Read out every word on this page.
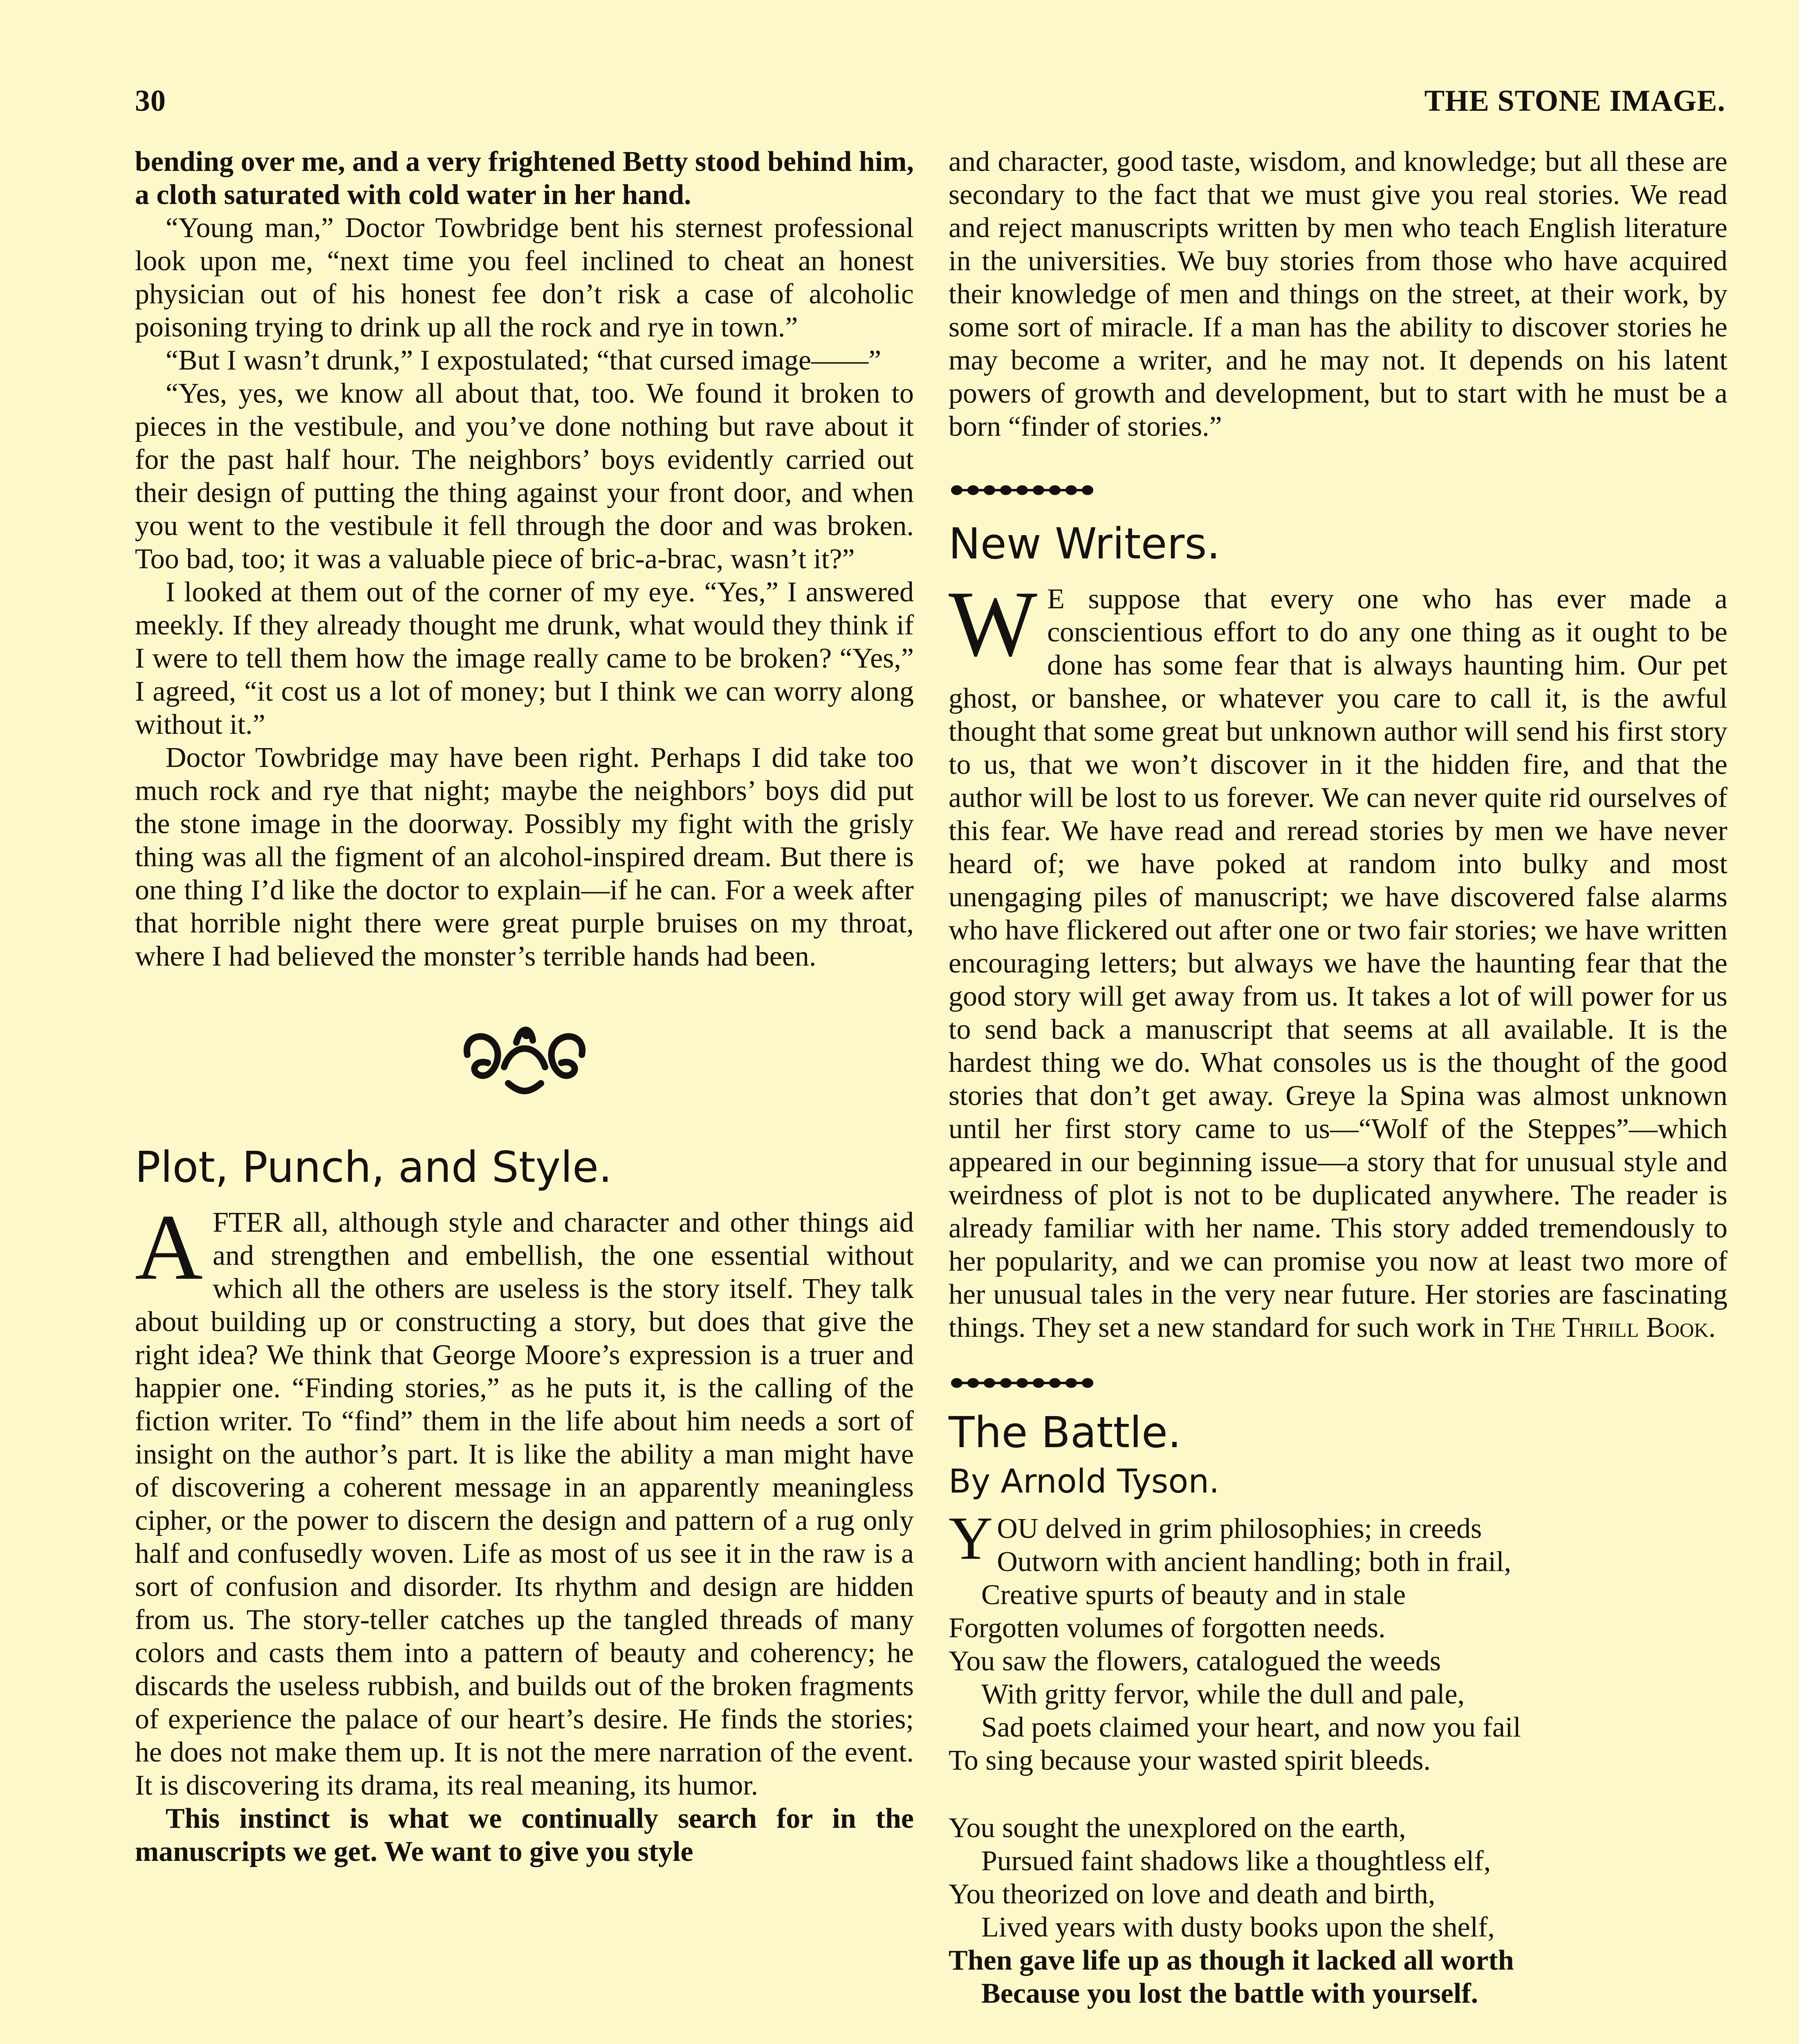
30	THE STONE IMAGE.

bending over me, and a very frightened Betty stood behind him, a cloth saturated with cold water in her hand.

“Young man,” Doctor Towbridge bent his sternest professional look upon me, “next time you feel inclined to cheat an honest physician out of his honest fee don’t risk a case of alcoholic poisoning trying to drink up all the rock and rye in town.”

“But I wasn’t drunk,” I expostulated; “that cursed image——”

“Yes, yes, we know all about that, too. We found it broken to pieces in the vestibule, and you’ve done nothing but rave about it for the past half hour. The neighbors’ boys evidently carried out their design of putting the thing against your front door, and when you went to the vestibule it fell through the door and was broken. Too bad, too; it was a valuable piece of bric-a-brac, wasn’t it?”

I looked at them out of the corner of my eye. “Yes,” I answered meekly. If they already thought me drunk, what would they think if I were to tell them how the image really came to be broken? “Yes,” I agreed, “it cost us a lot of money; but I think we can worry along without it.”

Doctor Towbridge may have been right. Perhaps I did take too much rock and rye that night; maybe the neighbors’ boys did put the stone image in the doorway. Possibly my fight with the grisly thing was all the figment of an alcohol-inspired dream. But there is one thing I’d like the doctor to explain—if he can. For a week after that horrible night there were great purple bruises on my throat, where I had believed the monster’s terrible hands had been.

Plot, Punch, and Style.

AFTER all, although style and character and other things aid and strengthen and embellish, the one essential without which all the others are useless is the story itself. They talk about building up or constructing a story, but does that give the right idea? We think that George Moore’s expression is a truer and happier one. “Finding stories,” as he puts it, is the calling of the fiction writer. To “find” them in the life about him needs a sort of insight on the author’s part. It is like the ability a man might have of discovering a coherent message in an apparently meaningless cipher, or the power to discern the design and pattern of a rug only half and confusedly woven. Life as most of us see it in the raw is a sort of confusion and disorder. Its rhythm and design are hidden from us. The story-teller catches up the tangled threads of many colors and casts them into a pattern of beauty and coherency; he discards the useless rubbish, and builds out of the broken fragments of experience the palace of our heart’s desire. He finds the stories; he does not make them up. It is not the mere narration of the event. It is discovering its drama, its real meaning, its humor.

This instinct is what we continually search for in the manuscripts we get. We want to give you style

and character, good taste, wisdom, and knowledge; but all these are secondary to the fact that we must give you real stories. We read and reject manuscripts written by men who teach English literature in the universities. We buy stories from those who have acquired their knowledge of men and things on the street, at their work, by some sort of miracle. If a man has the ability to discover stories he may become a writer, and he may not. It depends on his latent powers of growth and development, but to start with he must be a born “finder of stories.”

New Writers.

W E suppose that every one who has ever made a conscientious effort to do any one thing as it ought to be done has some fear that is always haunting him. Our pet ghost, or banshee, or whatever you care to call it, is the awful thought that some great but unknown author will send his first story to us, that we won’t discover in it the hidden fire, and that the author will be lost to us forever. We can never quite rid ourselves of this fear. We have read and reread stories by men we have never heard of; we have poked at random into bulky and most unengaging piles of manuscript; we have discovered false alarms who have flickered out after one or two fair stories; we have written encouraging letters; but always we have the haunting fear that the good story will get away from us. It takes a lot of will power for us to send back a manuscript that seems at all available. It is the hardest thing we do. What consoles us is the thought of the good stories that don’t get away. Greye la Spina was almost unknown until her first story came to us—“Wolf of the Steppes”—which appeared in our beginning issue—a story that for unusual style and weirdness of plot is not to be duplicated anywhere. The reader is already familiar with her name. This story added tremendously to her popularity, and we can promise you now at least two more of her unusual tales in the very near future. Her stories are fascinating things. They set a new standard for such work in The Thrill Book.

The Battle.
By Arnold Tyson.
YOU delved in grim philosophies; in creeds
Outworn with ancient handling; both in frail,
Creative spurts of beauty and in stale
Forgotten volumes of forgotten needs.
You saw the flowers, catalogued the weeds
With gritty fervor, while the dull and pale,
Sad poets claimed your heart, and now you fail
To sing because your wasted spirit bleeds.
You sought the unexplored on the earth,
Pursued faint shadows like a thoughtless elf,
You theorized on love and death and birth,
Lived years with dusty books upon the shelf,
Then gave life up as though it lacked all worth
Because you lost the battle with yourself.
